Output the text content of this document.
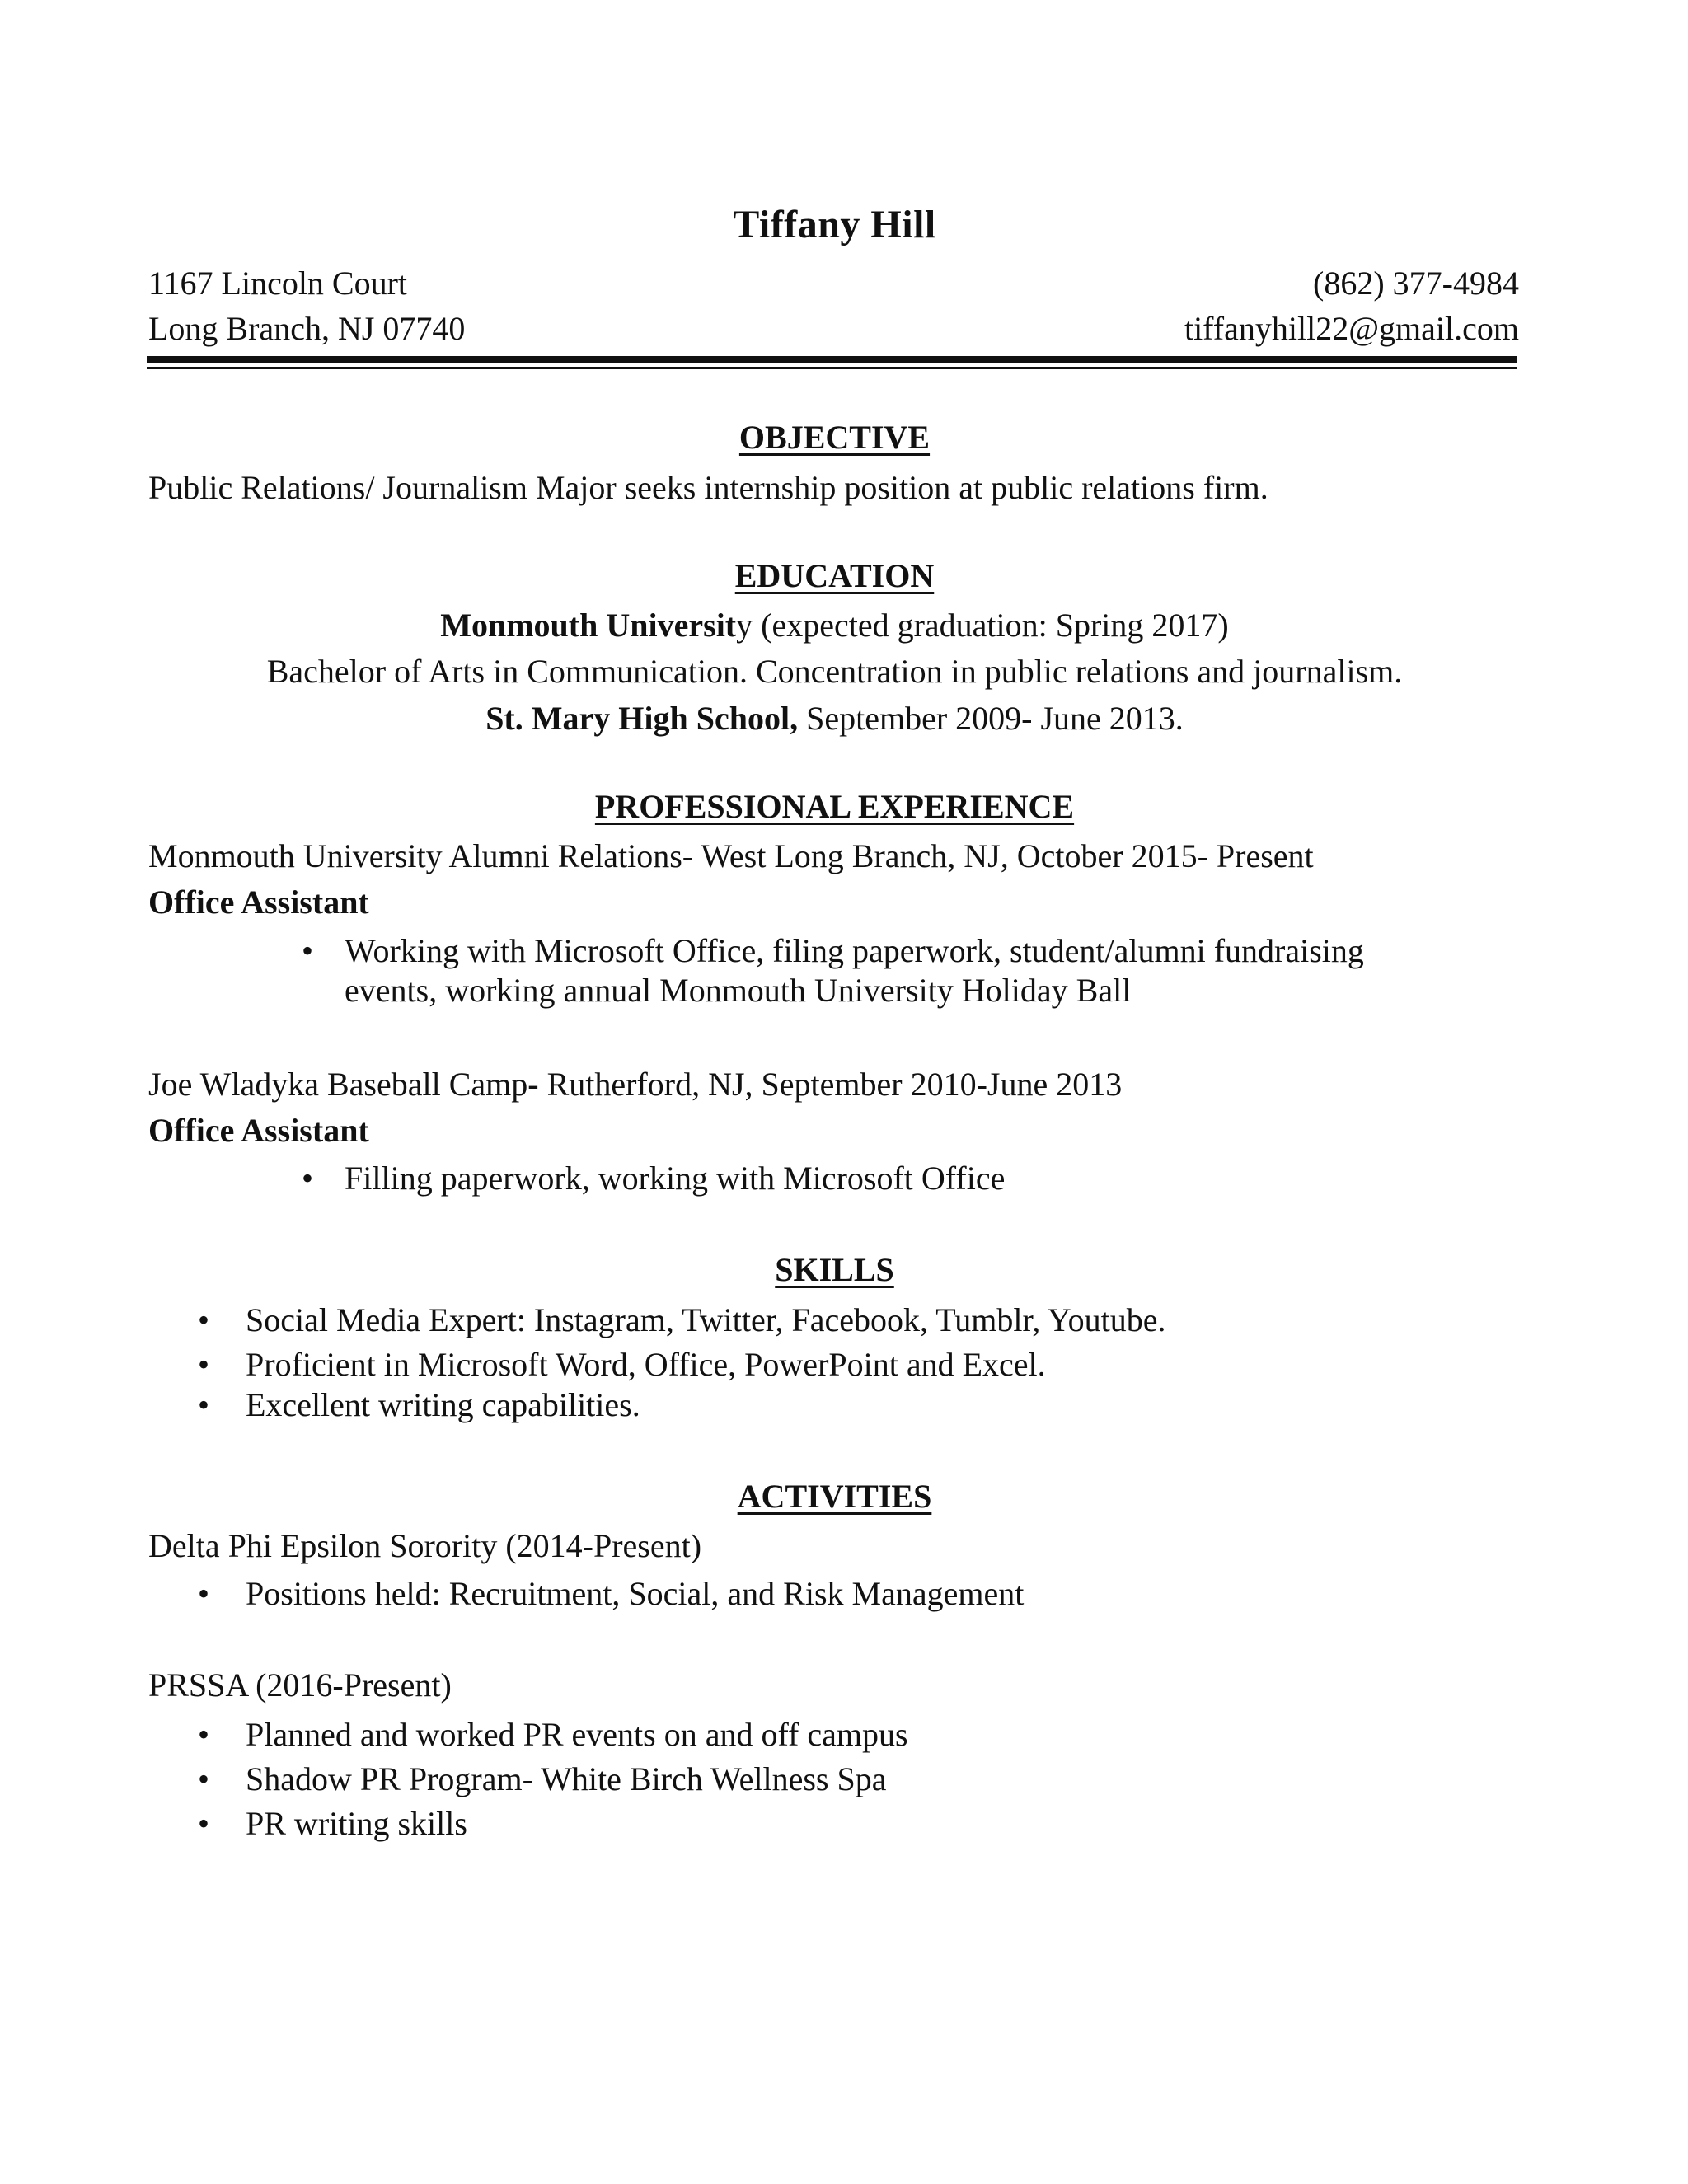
Tiffany Hill
1167 Lincoln Court
Long Branch, NJ 07740
(862) 377-4984
tiffanyhill22@gmail.com
OBJECTIVE
Public Relations/ Journalism Major seeks internship position at public relations firm.
EDUCATION
Monmouth University (expected graduation: Spring 2017)
Bachelor of Arts in Communication. Concentration in public relations and journalism.
St. Mary High School, September 2009- June 2013.
PROFESSIONAL EXPERIENCE
Monmouth University Alumni Relations- West Long Branch, NJ, October 2015- Present
Office Assistant
• Working with Microsoft Office, filing paperwork, student/alumni fundraising
events, working annual Monmouth University Holiday Ball
Joe Wladyka Baseball Camp- Rutherford, NJ, September 2010-June 2013
Office Assistant
• Filling paperwork, working with Microsoft Office
SKILLS
• Social Media Expert: Instagram, Twitter, Facebook, Tumblr, Youtube.
• Proficient in Microsoft Word, Office, PowerPoint and Excel.
• Excellent writing capabilities.
ACTIVITIES
Delta Phi Epsilon Sorority (2014-Present)
• Positions held: Recruitment, Social, and Risk Management
PRSSA (2016-Present)
• Planned and worked PR events on and off campus
• Shadow PR Program- White Birch Wellness Spa
• PR writing skills
